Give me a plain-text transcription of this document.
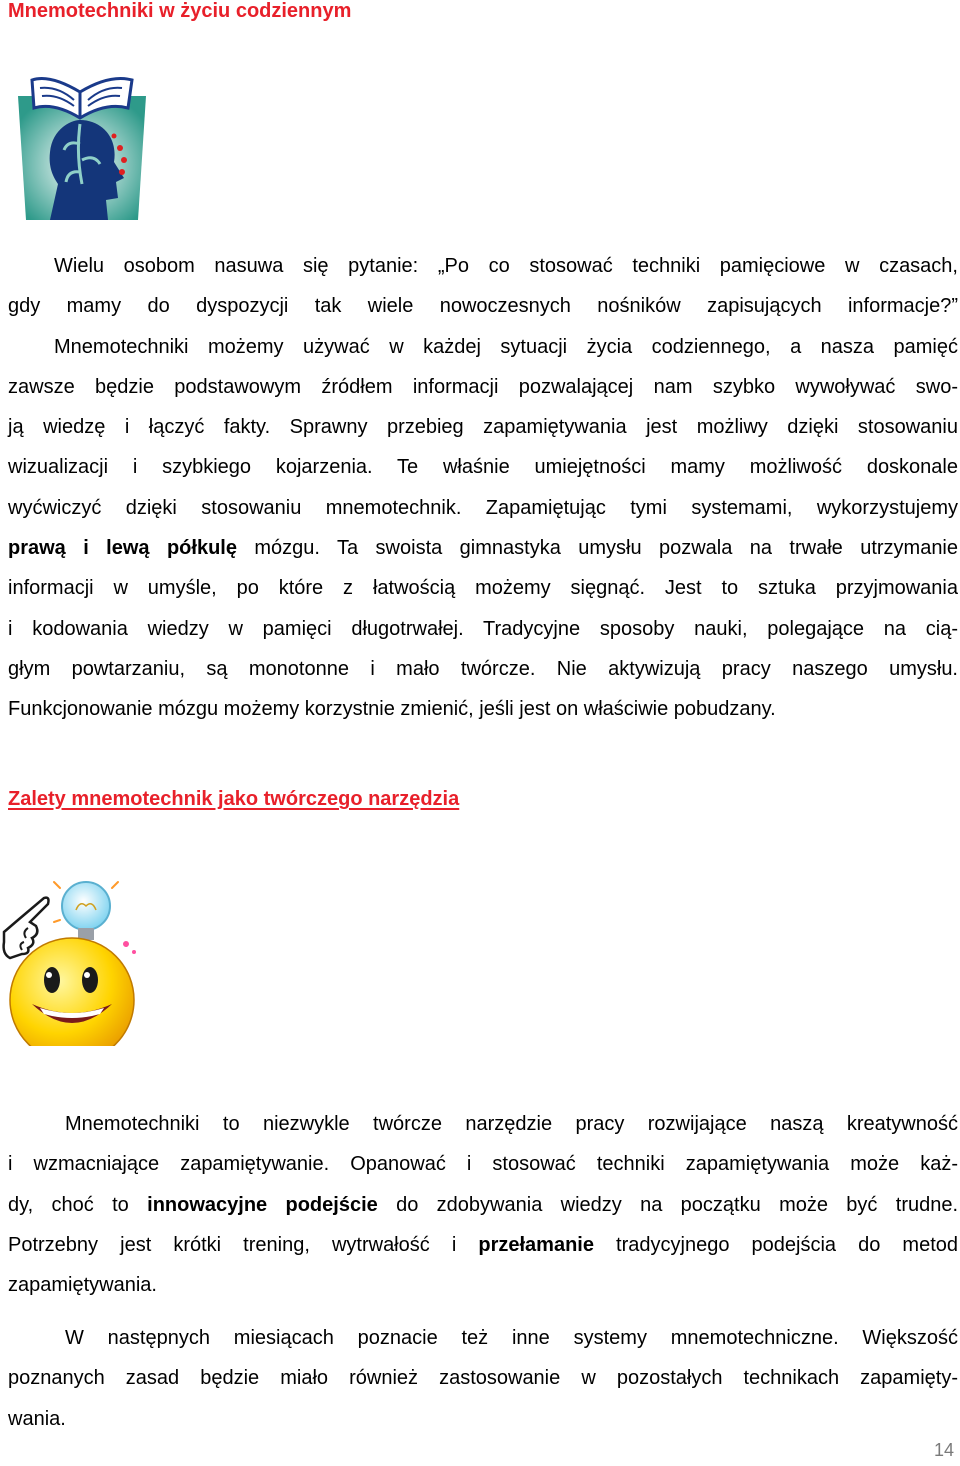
Mnemotechniki w życiu codziennym
Wielu osobom nasuwa się pytanie: „Po co stosować techniki pamięciowe w czasach,
gdy mamy do dyspozycji tak wiele nowoczesnych nośników zapisujących informacje?”
Mnemotechniki możemy używać w każdej sytuacji życia codziennego, a nasza pamięć
zawsze będzie podstawowym źródłem informacji pozwalającej nam szybko wywoływać swo-
ją wiedzę i łączyć fakty. Sprawny przebieg zapamiętywania jest możliwy dzięki stosowaniu
wizualizacji i szybkiego kojarzenia. Te właśnie umiejętności mamy możliwość doskonale
wyćwiczyć dzięki stosowaniu mnemotechnik. Zapamiętując tymi systemami, wykorzystujemy
prawą i lewą półkulę mózgu. Ta swoista gimnastyka umysłu pozwala na trwałe utrzymanie
informacji w umyśle, po które z łatwością możemy sięgnąć. Jest to sztuka przyjmowania
i kodowania wiedzy w pamięci długotrwałej. Tradycyjne sposoby nauki, polegające na cią-
głym powtarzaniu, są monotonne i mało twórcze. Nie aktywizują pracy naszego umysłu.
Funkcjonowanie mózgu możemy korzystnie zmienić, jeśli jest on właściwie pobudzany.
Zalety mnemotechnik jako twórczego narzędzia
Mnemotechniki to niezwykle twórcze narzędzie pracy rozwijające naszą kreatywność
i wzmacniające zapamiętywanie. Opanować i stosować techniki zapamiętywania może każ-
dy, choć to innowacyjne podejście do zdobywania wiedzy na początku może być trudne.
Potrzebny jest krótki trening, wytrwałość i przełamanie tradycyjnego podejścia do metod
zapamiętywania.
W następnych miesiącach poznacie też inne systemy mnemotechniczne. Większość
poznanych zasad będzie miało również zastosowanie w pozostałych technikach zapamięty-
wania.

14
